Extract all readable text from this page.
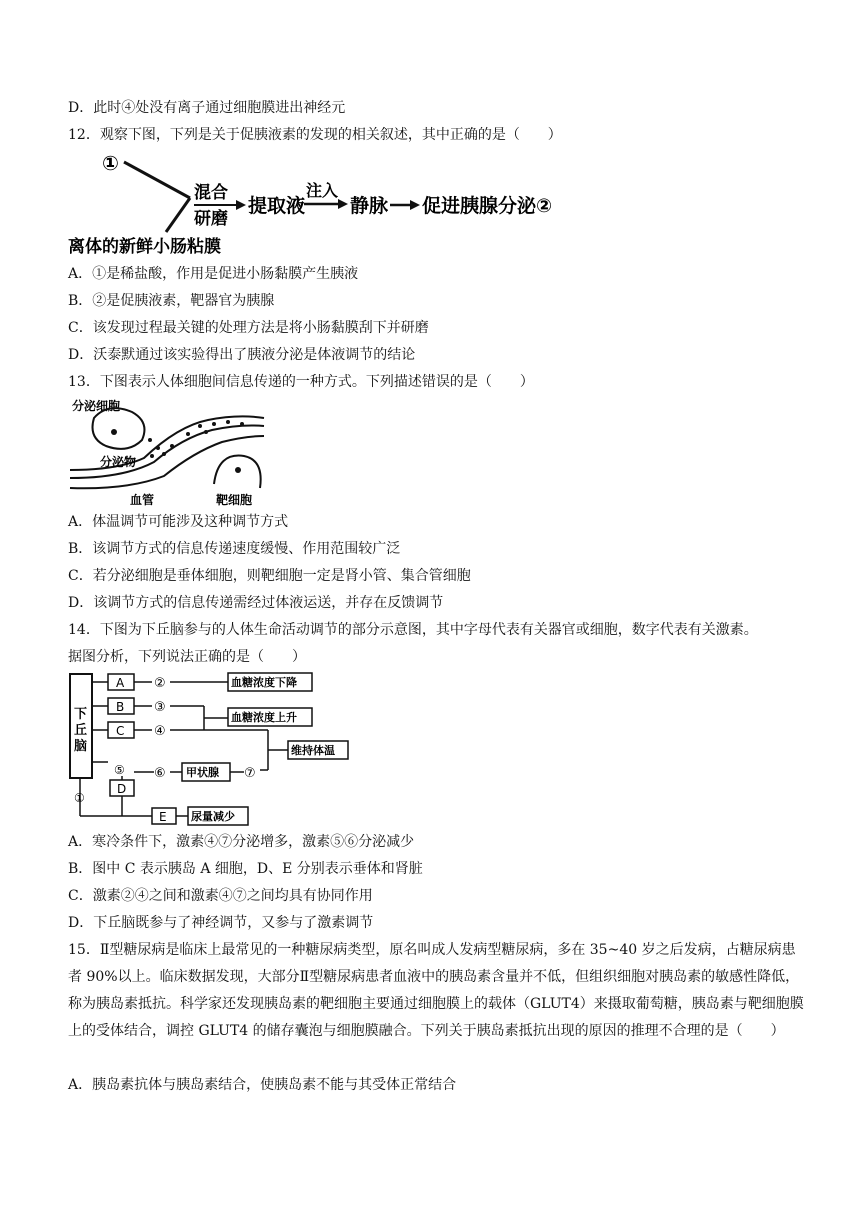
D．此时④处没有离子通过细胞膜进出神经元
12．观察下图，下列是关于促胰液素的发现的相关叙述，其中正确的是（　　）
①
混合
研磨
提取液
注入
静脉 促进胰腺分泌②
离体的新鲜小肠粘膜
A．①是稀盐酸，作用是促进小肠黏膜产生胰液
B．②是促胰液素，靶器官为胰腺
C．该发现过程最关键的处理方法是将小肠黏膜刮下并研磨
D．沃泰默通过该实验得出了胰液分泌是体液调节的结论
13．下图表示人体细胞间信息传递的一种方式。下列描述错误的是（　　）
分泌细胞
分泌物
血管	靶细胞
A．体温调节可能涉及这种调节方式
B．该调节方式的信息传递速度缓慢、作用范围较广泛
C．若分泌细胞是垂体细胞，则靶细胞一定是肾小管、集合管细胞
D．该调节方式的信息传递需经过体液运送，并存在反馈调节
14．下图为下丘脑参与的人体生命活动调节的部分示意图，其中字母代表有关器官或细胞，数字代表有关激素。
据图分析，下列说法正确的是（　　）
下
丘
脑
A ②	血糖浓度下降
B ③
C ④
血糖浓度上升
维持体温
⑤
D
⑥ 甲状腺 ⑦
①
E 尿量减少
A．寒冷条件下，激素④⑦分泌增多，激素⑤⑥分泌减少
B．图中 C 表示胰岛 A 细胞，D、E 分别表示垂体和肾脏
C．激素②④之间和激素④⑦之间均具有协同作用
D．下丘脑既参与了神经调节，又参与了激素调节
15．Ⅱ型糖尿病是临床上最常见的一种糖尿病类型，原名叫成人发病型糖尿病，多在 35~40 岁之后发病，占糖尿病患者 90%以上。临床数据发现，大部分Ⅱ型糖尿病患者血液中的胰岛素含量并不低，但组织细胞对胰岛素的敏感性降低，称为胰岛素抵抗。科学家还发现胰岛素的靶细胞主要通过细胞膜上的载体（GLUT4）来摄取葡萄糖，胰岛素与靶细胞膜上的受体结合，调控 GLUT4 的储存囊泡与细胞膜融合。下列关于胰岛素抵抗出现的原因的推理不合理的是（　　）
A．胰岛素抗体与胰岛素结合，使胰岛素不能与其受体正常结合
